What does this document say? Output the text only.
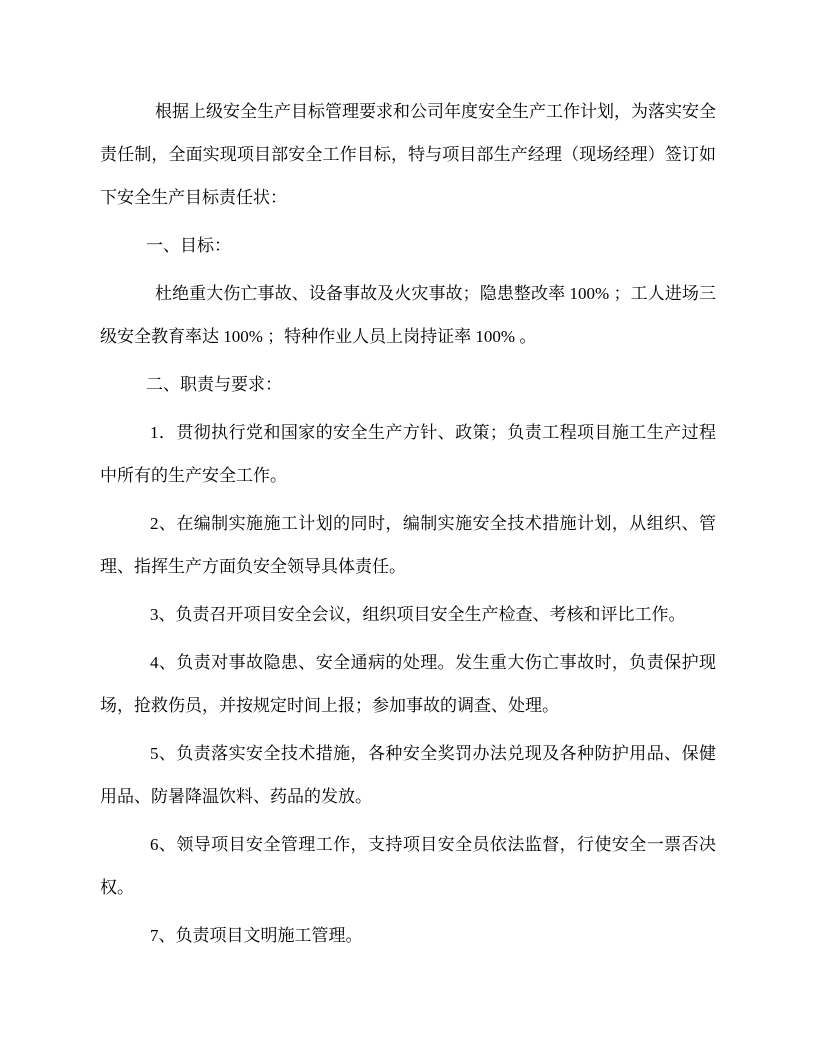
根据上级安全生产目标管理要求和公司年度安全生产工作计划，为落实安全责任制，全面实现项目部安全工作目标，特与项目部生产经理（现场经理）签订如下安全生产目标责任状：

一、目标：

杜绝重大伤亡事故、设备事故及火灾事故；隐患整改率 100% ；工人进场三级安全教育率达 100% ；特种作业人员上岗持证率 100% 。

二、职责与要求：

1．贯彻执行党和国家的安全生产方针、政策；负责工程项目施工生产过程中所有的生产安全工作。

2、在编制实施施工计划的同时，编制实施安全技术措施计划，从组织、管理、指挥生产方面负安全领导具体责任。

3、负责召开项目安全会议，组织项目安全生产检查、考核和评比工作。

4、负责对事故隐患、安全通病的处理。发生重大伤亡事故时，负责保护现场，抢救伤员，并按规定时间上报；参加事故的调查、处理。

5、负责落实安全技术措施，各种安全奖罚办法兑现及各种防护用品、保健用品、防暑降温饮料、药品的发放。

6、领导项目安全管理工作，支持项目安全员依法监督，行使安全一票否决权。

7、负责项目文明施工管理。
